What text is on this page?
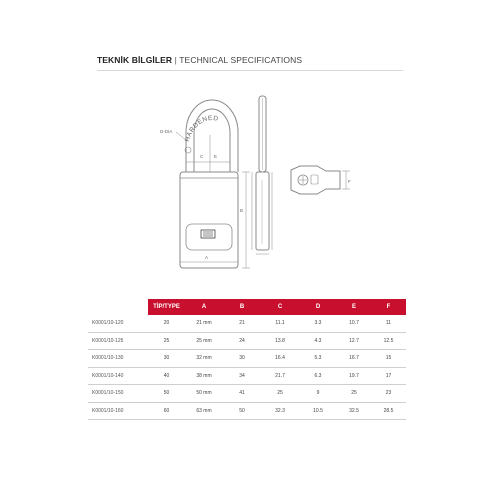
TEKNİK BİLGİLER | TECHNICAL SPECIFICATIONS
HARDENED
D-DIA
E
C
B
A
F
	TİP/TYPE	A	B	C	D	E	F
K0001/10-120	20	21 mm	21	11.1	3.3	10.7	11
K0001/10-125	25	25 mm	24	13.8	4.3	12.7	12.5
K0001/10-130	30	32 mm	30	16.4	5.3	16.7	15
K0001/10-140	40	38 mm	34	21.7	6.3	19.7	17
K0001/10-150	50	50 mm	41	25	9	25	23
K0001/10-160	60	63 mm	50	32.3	10.5	32.5	28.5
